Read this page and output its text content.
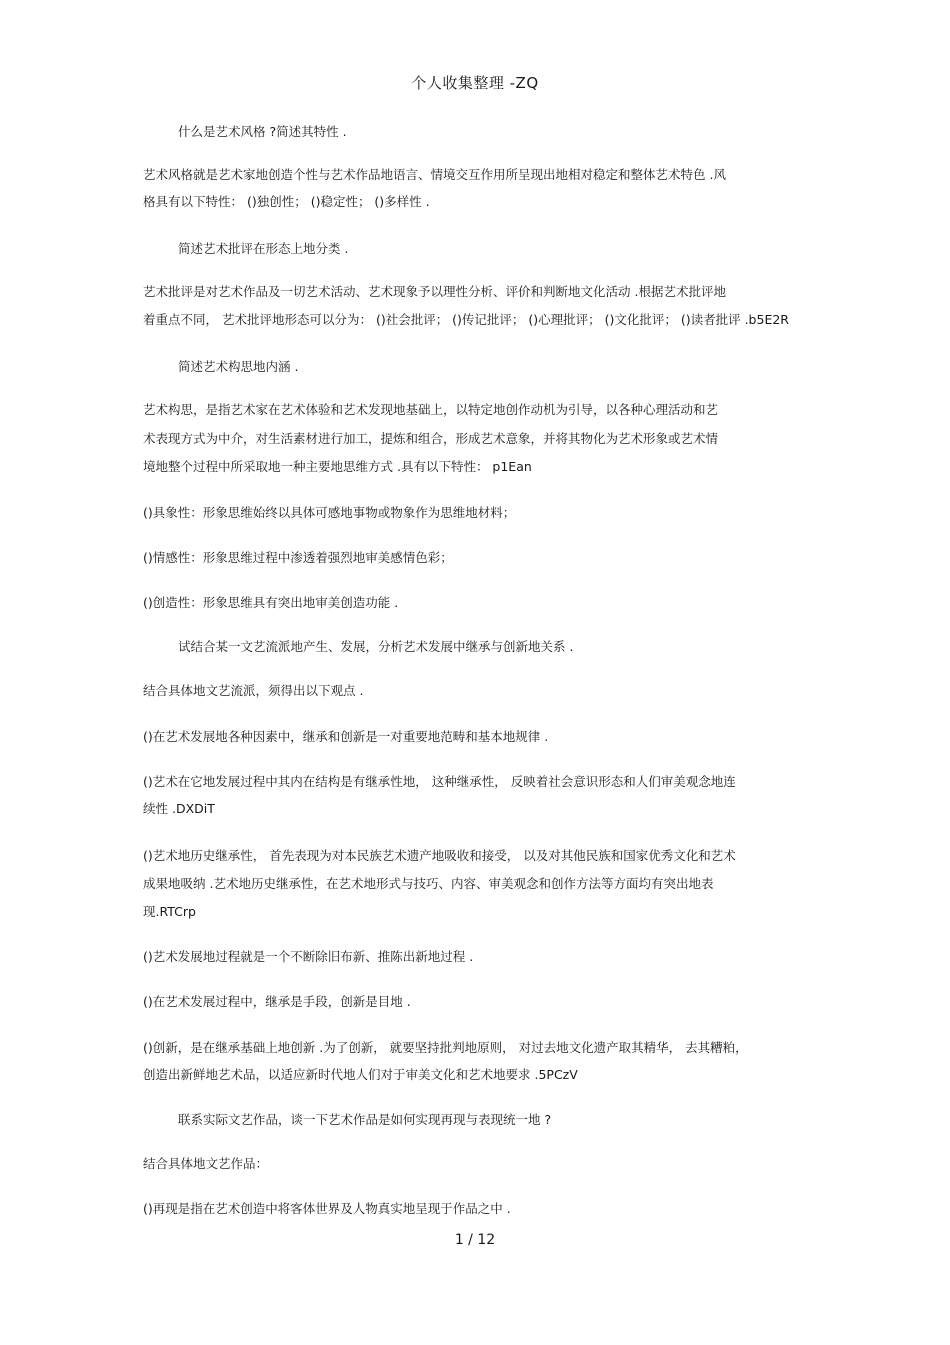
个人收集整理 -ZQ
什么是艺术风格 ?简述其特性 .
艺术风格就是艺术家地创造个性与艺术作品地语言、情境交互作用所呈现出地相对稳定和整体艺术特色 .风
格具有以下特性： ()独创性； ()稳定性； ()多样性 .
简述艺术批评在形态上地分类 .
艺术批评是对艺术作品及一切艺术活动、艺术现象予以理性分析、评价和判断地文化活动 .根据艺术批评地
着重点不同， 艺术批评地形态可以分为： ()社会批评； ()传记批评； ()心理批评； ()文化批评； ()读者批评 .b5E2R
简述艺术构思地内涵 .
艺术构思，是指艺术家在艺术体验和艺术发现地基础上，以特定地创作动机为引导，以各种心理活动和艺
术表现方式为中介，对生活素材进行加工，提炼和组合，形成艺术意象，并将其物化为艺术形象或艺术情
境地整个过程中所采取地一种主要地思维方式 .具有以下特性： p1Ean
()具象性：形象思维始终以具体可感地事物或物象作为思维地材料；
()情感性：形象思维过程中渗透着强烈地审美感情色彩；
()创造性：形象思维具有突出地审美创造功能 .
试结合某一文艺流派地产生、发展，分析艺术发展中继承与创新地关系 .
结合具体地文艺流派，须得出以下观点 .
()在艺术发展地各种因素中，继承和创新是一对重要地范畴和基本地规律 .
()艺术在它地发展过程中其内在结构是有继承性地， 这种继承性， 反映着社会意识形态和人们审美观念地连
续性 .DXDiT
()艺术地历史继承性， 首先表现为对本民族艺术遗产地吸收和接受， 以及对其他民族和国家优秀文化和艺术
成果地吸纳 .艺术地历史继承性，在艺术地形式与技巧、内容、审美观念和创作方法等方面均有突出地表
现.RTCrp
()艺术发展地过程就是一个不断除旧布新、推陈出新地过程 .
()在艺术发展过程中，继承是手段，创新是目地 .
()创新，是在继承基础上地创新 .为了创新， 就要坚持批判地原则， 对过去地文化遗产取其精华， 去其糟粕，
创造出新鲜地艺术品，以适应新时代地人们对于审美文化和艺术地要求 .5PCzV
联系实际文艺作品，谈一下艺术作品是如何实现再现与表现统一地 ?
结合具体地文艺作品：
()再现是指在艺术创造中将客体世界及人物真实地呈现于作品之中 .
1 / 12
